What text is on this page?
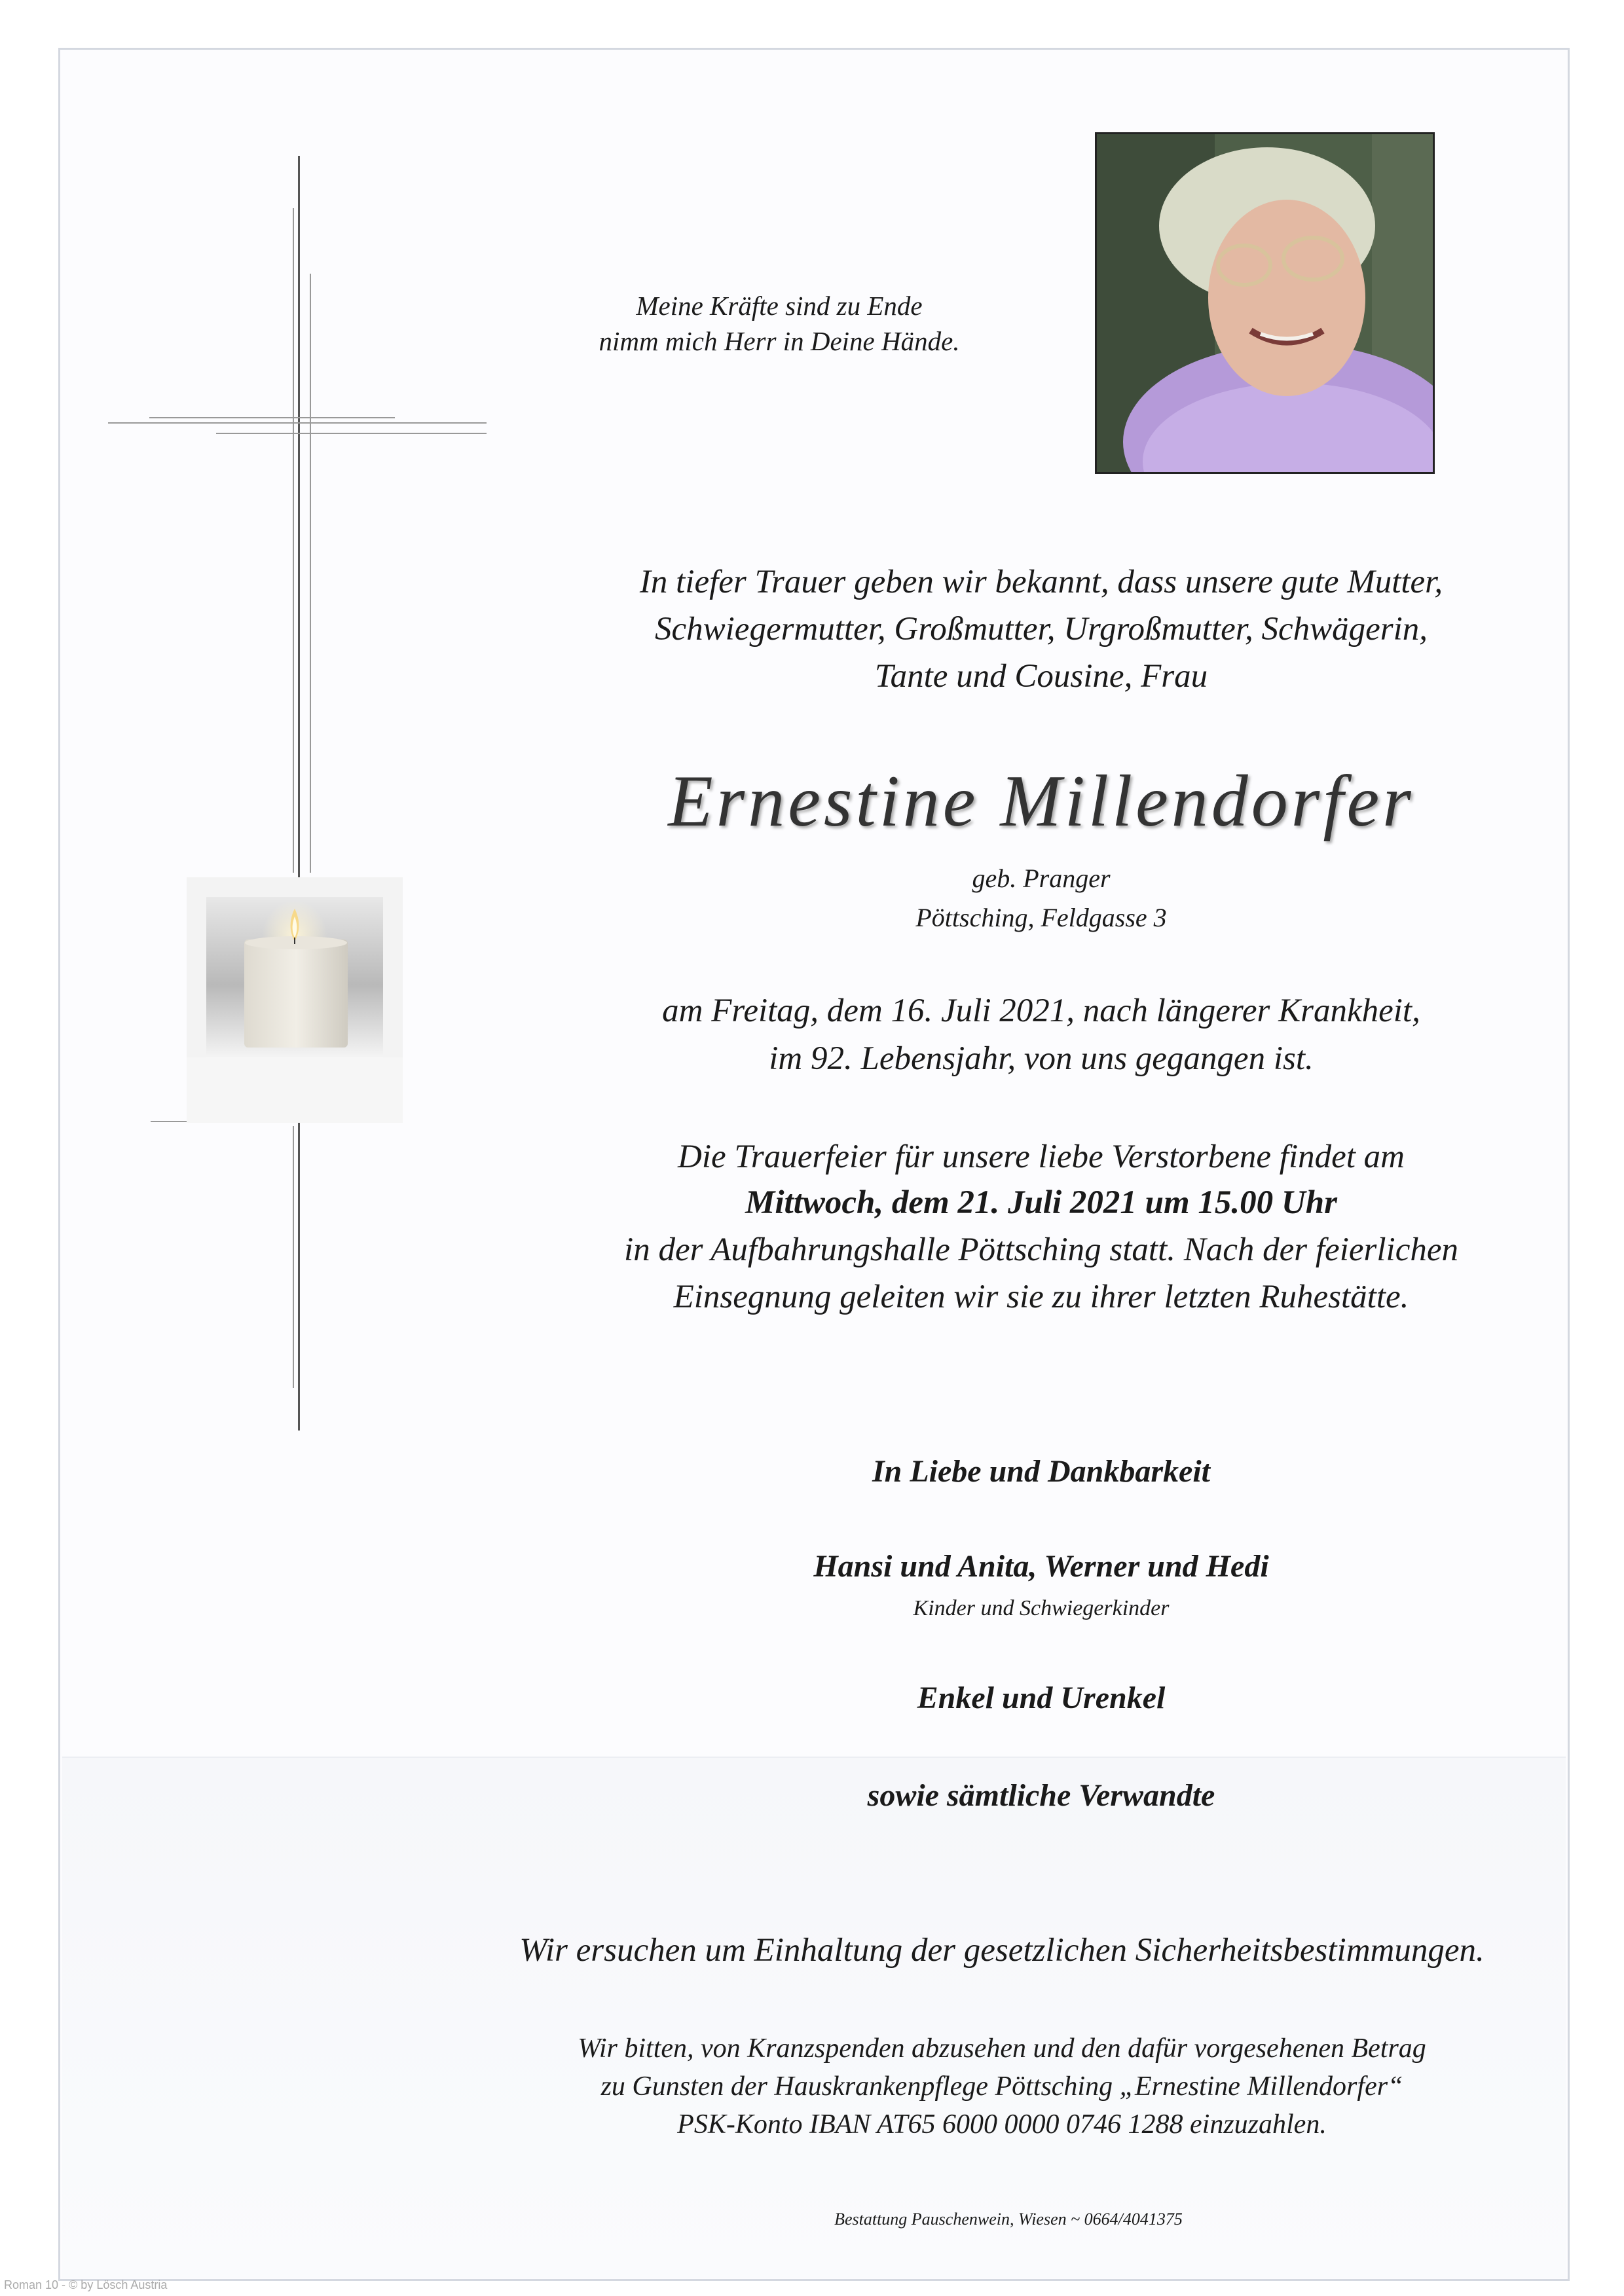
Meine Kräfte sind zu Ende
nimm mich Herr in Deine Hände.
In tiefer Trauer geben wir bekannt, dass unsere gute Mutter,
Schwiegermutter, Großmutter, Urgroßmutter, Schwägerin,
Tante und Cousine, Frau
Ernestine Millendorfer
geb. Pranger
Pöttsching, Feldgasse 3
am Freitag, dem 16. Juli 2021, nach längerer Krankheit,
im 92. Lebensjahr, von uns gegangen ist.
Die Trauerfeier für unsere liebe Verstorbene findet am
Mittwoch, dem 21. Juli 2021 um 15.00 Uhr
in der Aufbahrungshalle Pöttsching statt. Nach der feierlichen
Einsegnung geleiten wir sie zu ihrer letzten Ruhestätte.
In Liebe und Dankbarkeit
Hansi und Anita, Werner und Hedi
Kinder und Schwiegerkinder
Enkel und Urenkel
sowie sämtliche Verwandte
Wir ersuchen um Einhaltung der gesetzlichen Sicherheitsbestimmungen.
Wir bitten, von Kranzspenden abzusehen und den dafür vorgesehenen Betrag
zu Gunsten der Hauskrankenpflege Pöttsching „Ernestine Millendorfer“
PSK-Konto IBAN AT65 6000 0000 0746 1288 einzuzahlen.
Bestattung Pauschenwein, Wiesen ~ 0664/4041375
Roman 10 - © by Lösch Austria
